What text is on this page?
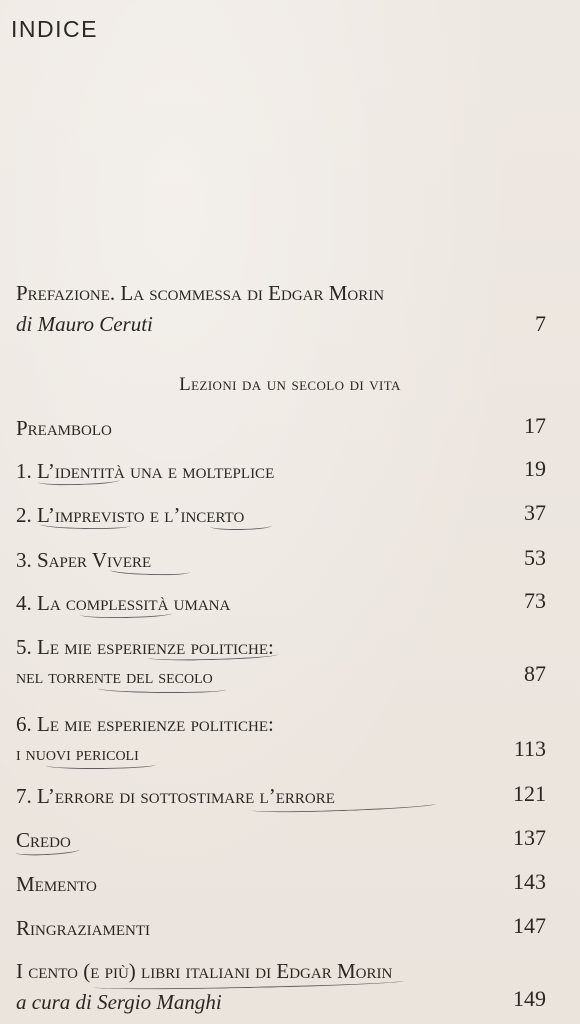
INDICE
Prefazione. La scommessa di Edgar Morin
di Mauro Ceruti	7
Lezioni da un secolo di vita
Preambolo	17
1. L’identità una e molteplice	19
2. L’imprevisto e l’incerto	37
3. Saper Vivere	53
4. La complessità umana	73
5. Le mie esperienze politiche:
nel torrente del secolo	87
6. Le mie esperienze politiche:
i nuovi pericoli	113
7. L’errore di sottostimare l’errore	121
Credo	137
Memento	143
Ringraziamenti	147
I cento (e più) libri italiani di Edgar Morin
a cura di Sergio Manghi	149
